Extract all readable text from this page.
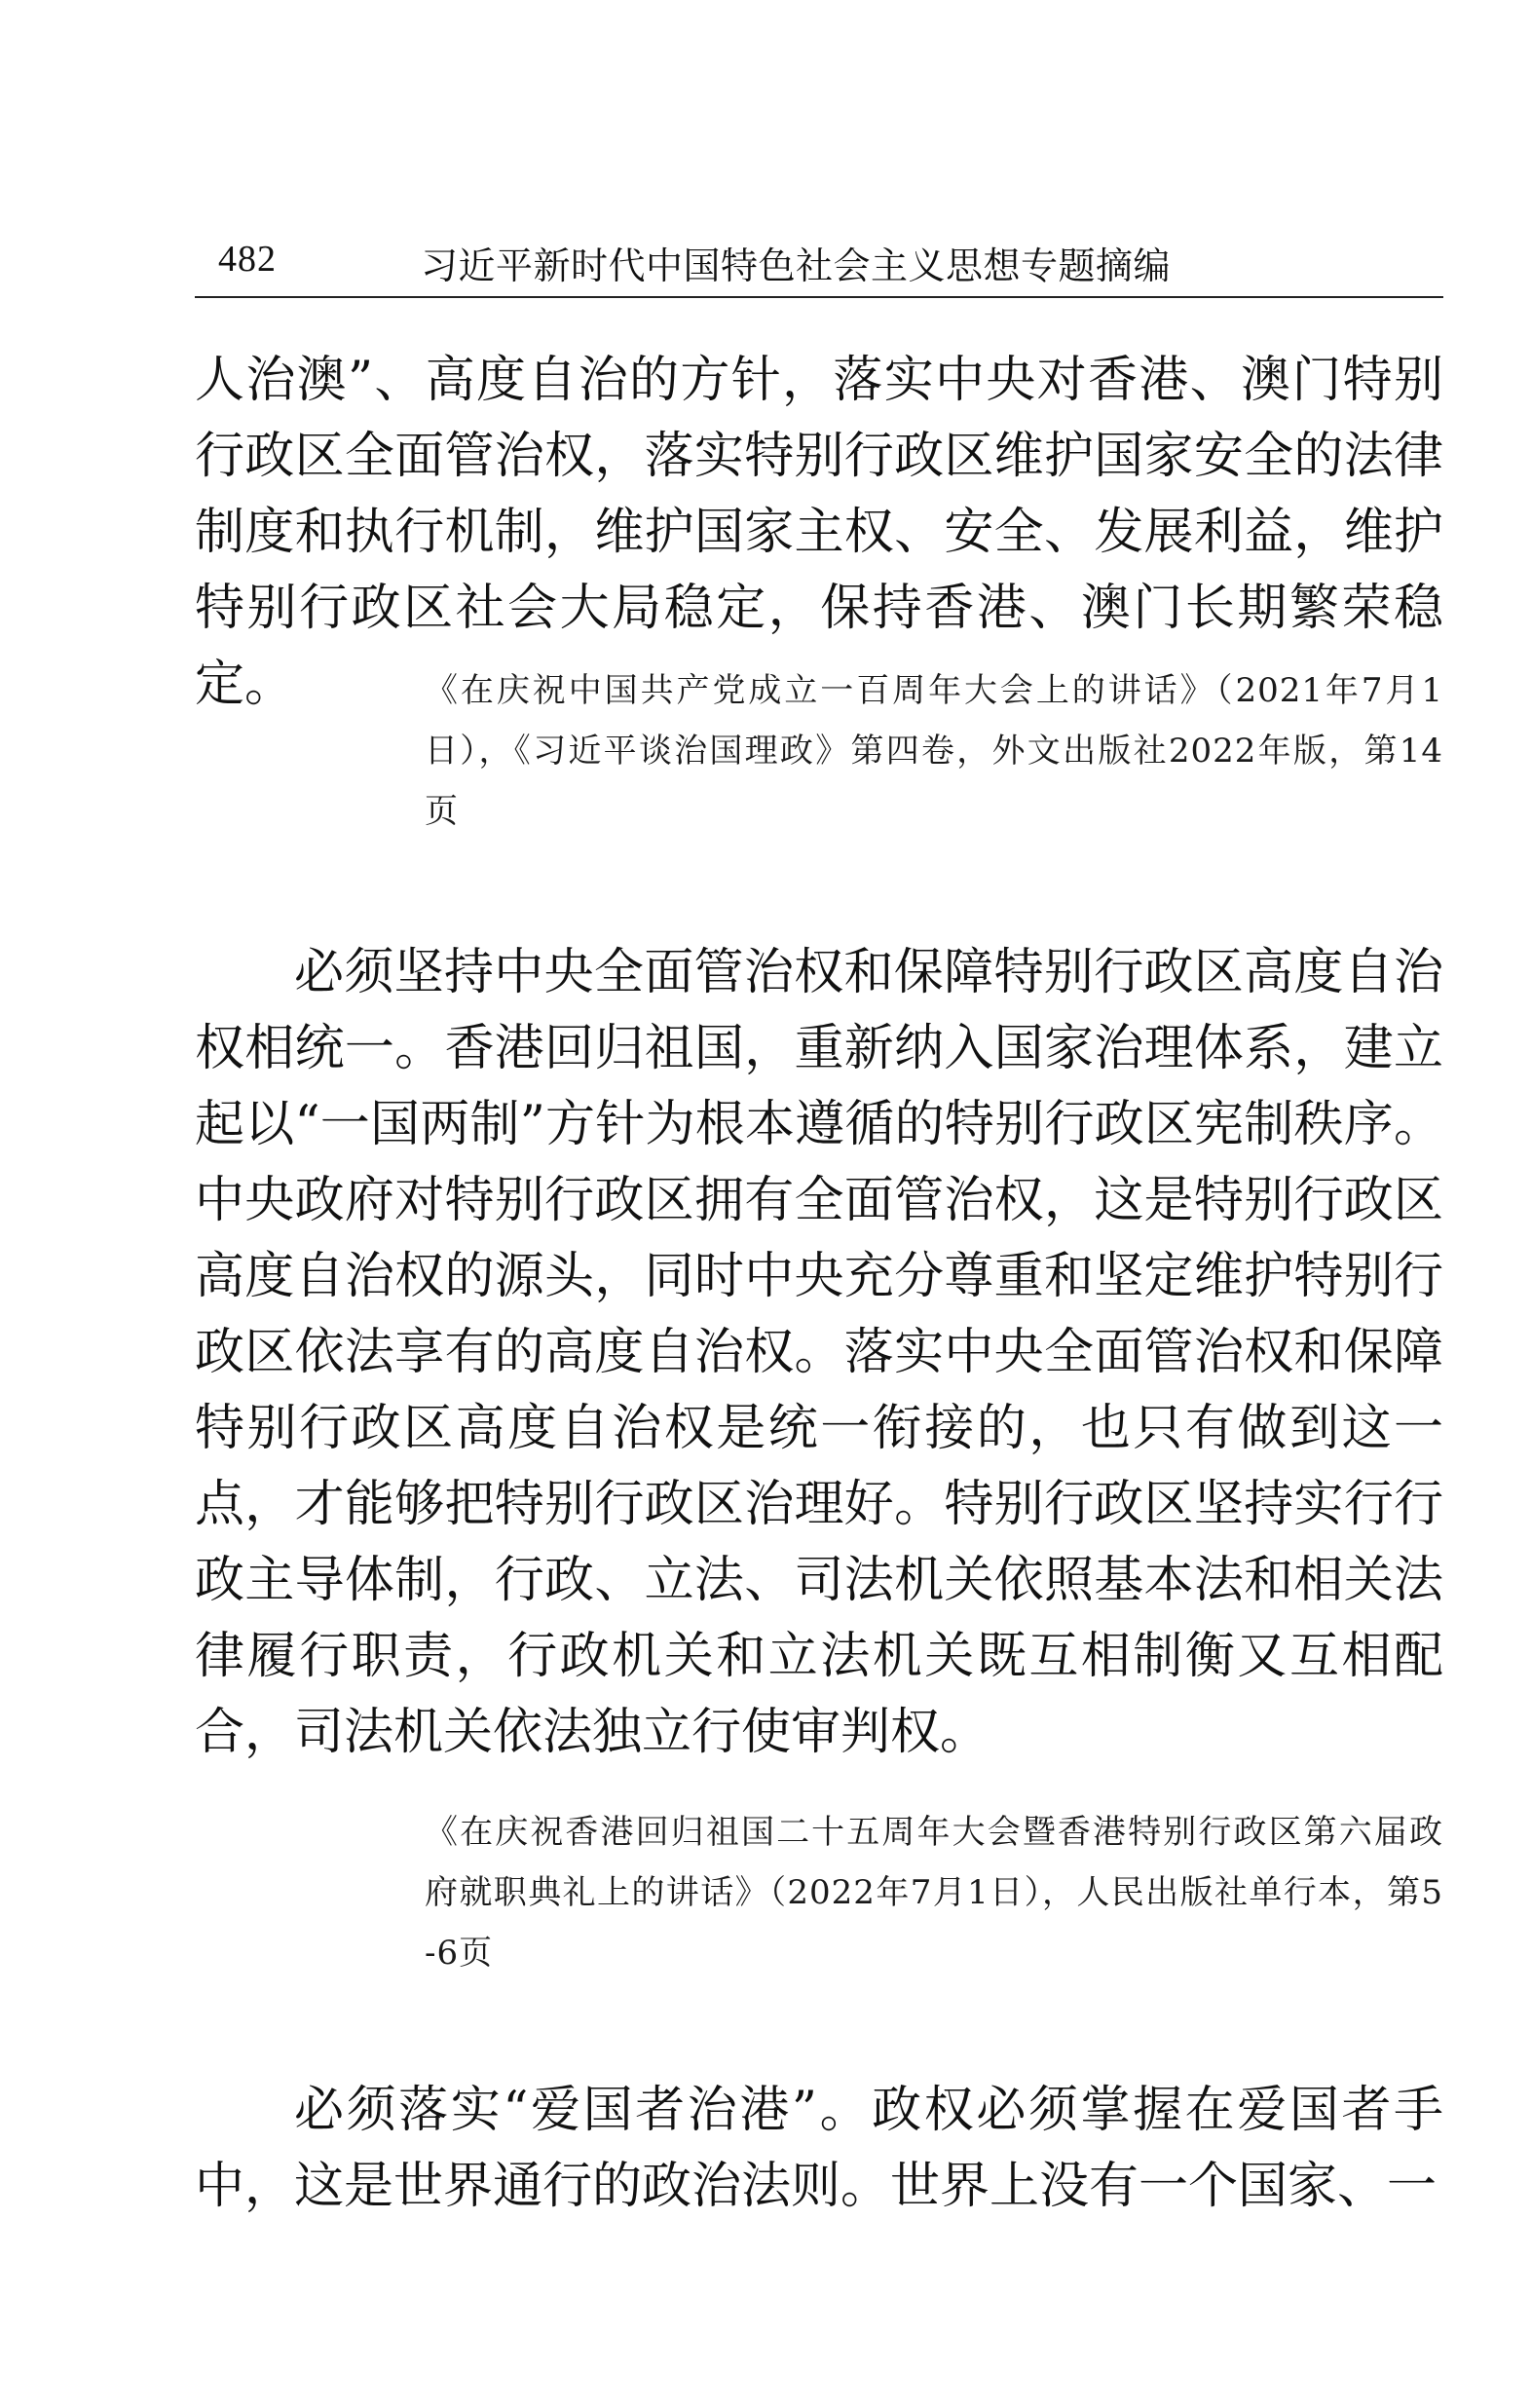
482	习近平新时代中国特色社会主义思想专题摘编

人治澳”、高度自治的方针，落实中央对香港、澳门特别行政区全面管治权，落实特别行政区维护国家安全的法律制度和执行机制，维护国家主权、安全、发展利益，维护特别行政区社会大局稳定，保持香港、澳门长期繁荣稳定。	《在庆祝中国共产党成立一百周年大会上的讲话》（2021年7月1日），《习近平谈治国理政》第四卷，外文出版社2022年版，第14页

必须坚持中央全面管治权和保障特别行政区高度自治权相统一。香港回归祖国，重新纳入国家治理体系，建立起以“一国两制”方针为根本遵循的特别行政区宪制秩序。中央政府对特别行政区拥有全面管治权，这是特别行政区高度自治权的源头，同时中央充分尊重和坚定维护特别行政区依法享有的高度自治权。落实中央全面管治权和保障特别行政区高度自治权是统一衔接的，也只有做到这一点，才能够把特别行政区治理好。特别行政区坚持实行行政主导体制，行政、立法、司法机关依照基本法和相关法律履行职责，行政机关和立法机关既互相制衡又互相配合，司法机关依法独立行使审判权。

《在庆祝香港回归祖国二十五周年大会暨香港特别行政区第六届政府就职典礼上的讲话》（2022年7月1日），人民出版社单行本，第5-6页

必须落实“爱国者治港”。政权必须掌握在爱国者手中，这是世界通行的政治法则。世界上没有一个国家、一
